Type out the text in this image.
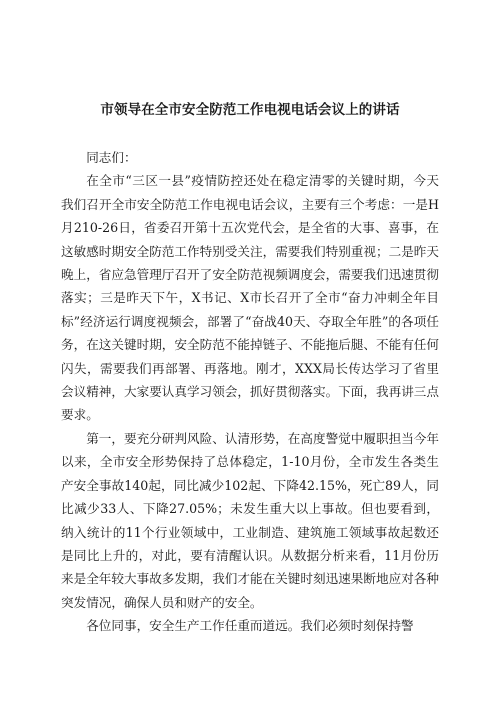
市领导在全市安全防范工作电视电话会议上的讲话

同志们：

在全市“三区一县”疫情防控还处在稳定清零的关键时期，今天我们召开全市安全防范工作电视电话会议，主要有三个考虑：一是H月210-26日，省委召开第十五次党代会，是全省的大事、喜事，在这敏感时期安全防范工作特别受关注，需要我们特别重视；二是昨天晚上，省应急管理厅召开了安全防范视频调度会，需要我们迅速贯彻落实；三是昨天下午，X书记、X市长召开了全市“奋力冲刺全年目标”经济运行调度视频会，部署了“奋战40天、夺取全年胜”的各项任务，在这关键时期，安全防范不能掉链子、不能拖后腿、不能有任何闪失，需要我们再部署、再落地。刚才，XXX局长传达学习了省里会议精神，大家要认真学习领会，抓好贯彻落实。下面，我再讲三点要求。

第一，要充分研判风险、认清形势，在高度警觉中履职担当今年以来，全市安全形势保持了总体稳定，1-10月份，全市发生各类生产安全事故140起，同比减少102起、下降42.15%，死亡89人，同比减少33人、下降27.05%；未发生重大以上事故。但也要看到，纳入统计的11个行业领域中，工业制造、建筑施工领域事故起数还是同比上升的，对此，要有清醒认识。从数据分析来看，11月份历来是全年较大事故多发期，我们才能在关键时刻迅速果断地应对各种突发情况，确保人员和财产的安全。

各位同事，安全生产工作任重而道远。我们必须时刻保持警
